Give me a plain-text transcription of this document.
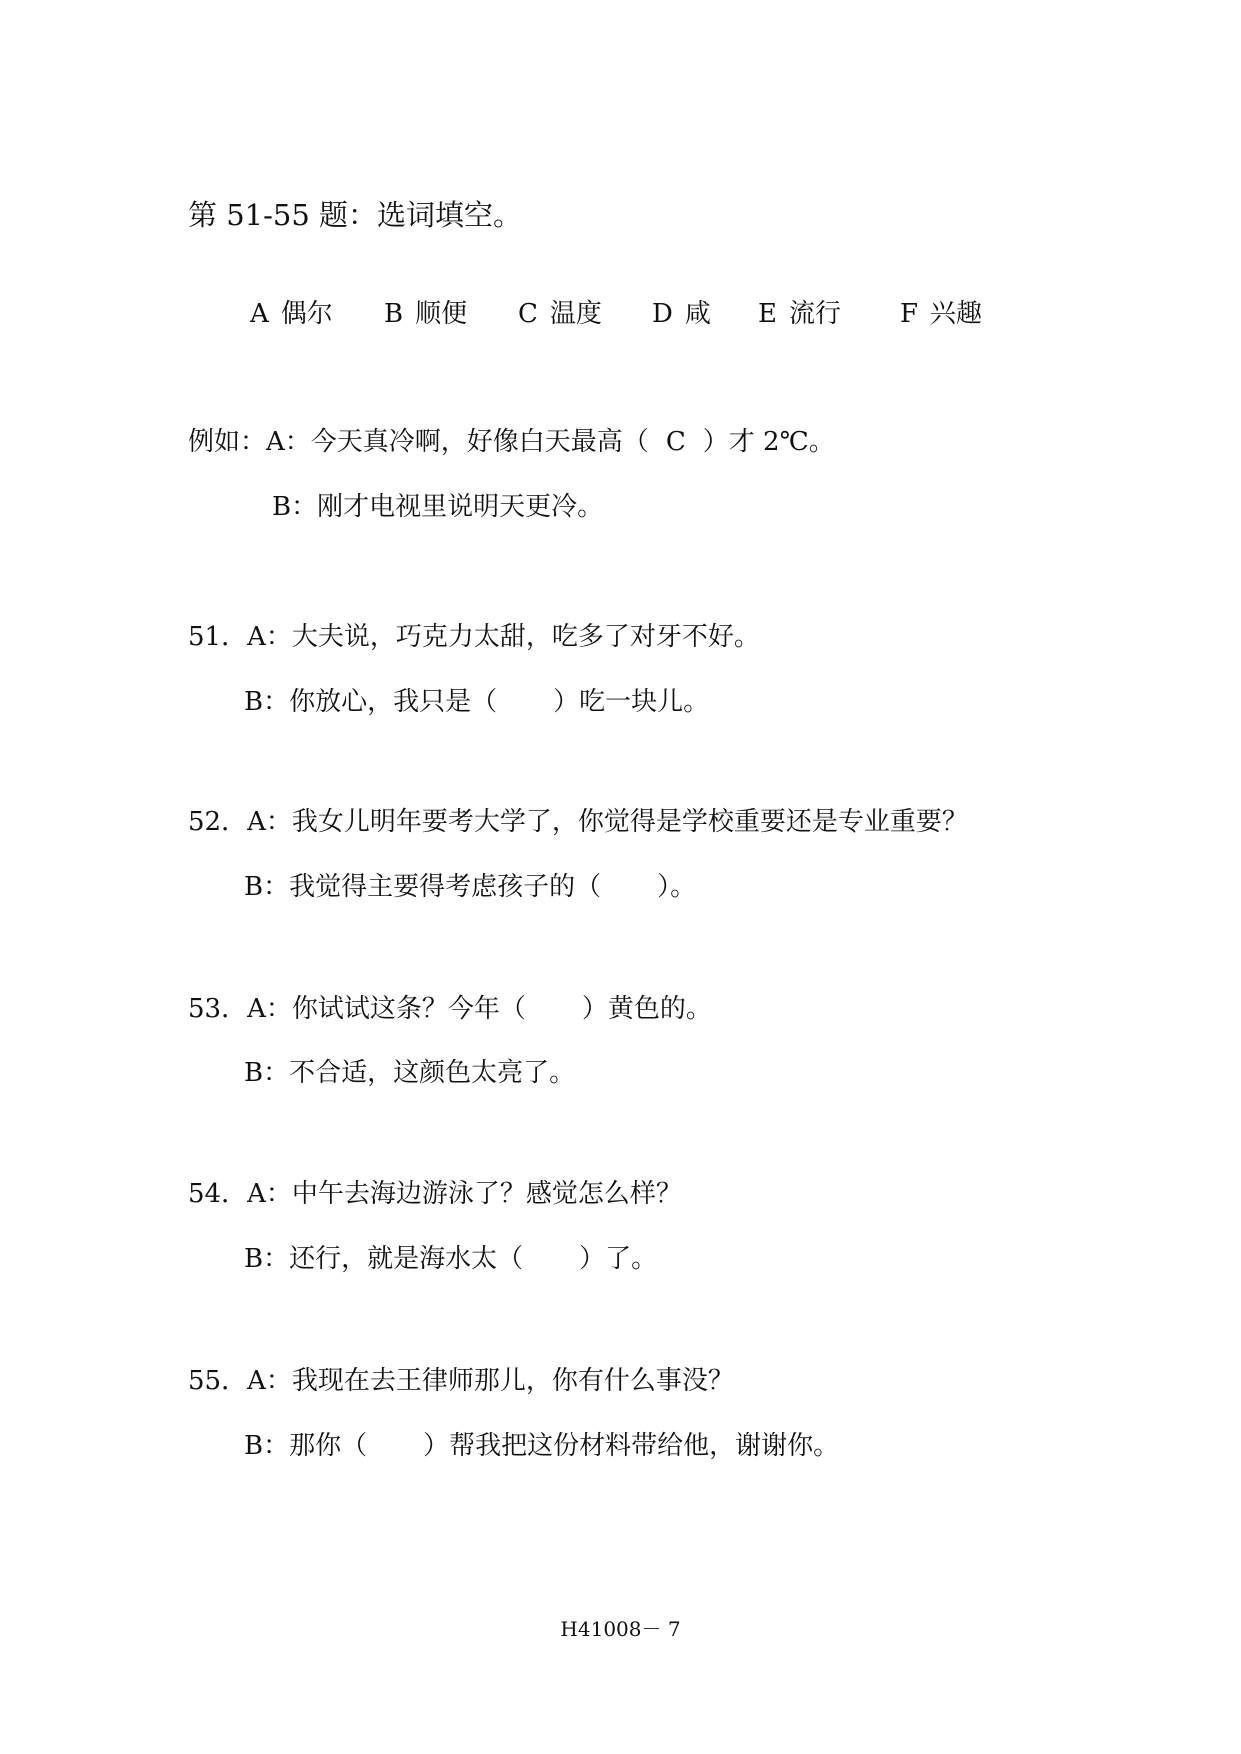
第 51-55 题：选词填空。
A 偶尔 B 顺便 C 温度 D 咸 E 流行 F 兴趣
例如：A：今天真冷啊，好像白天最高（ C ）才 2℃。
B：刚才电视里说明天更冷。
51．A：大夫说，巧克力太甜，吃多了对牙不好。
B：你放心，我只是（ ）吃一块儿。
52．A：我女儿明年要考大学了，你觉得是学校重要还是专业重要？
B：我觉得主要得考虑孩子的（ ）。
53．A：你试试这条？今年（ ）黄色的。
B：不合适，这颜色太亮了。
54．A：中午去海边游泳了？感觉怎么样？
B：还行，就是海水太（ ）了。
55．A：我现在去王律师那儿，你有什么事没？
B：那你（ ）帮我把这份材料带给他，谢谢你。
H41008－ 7
